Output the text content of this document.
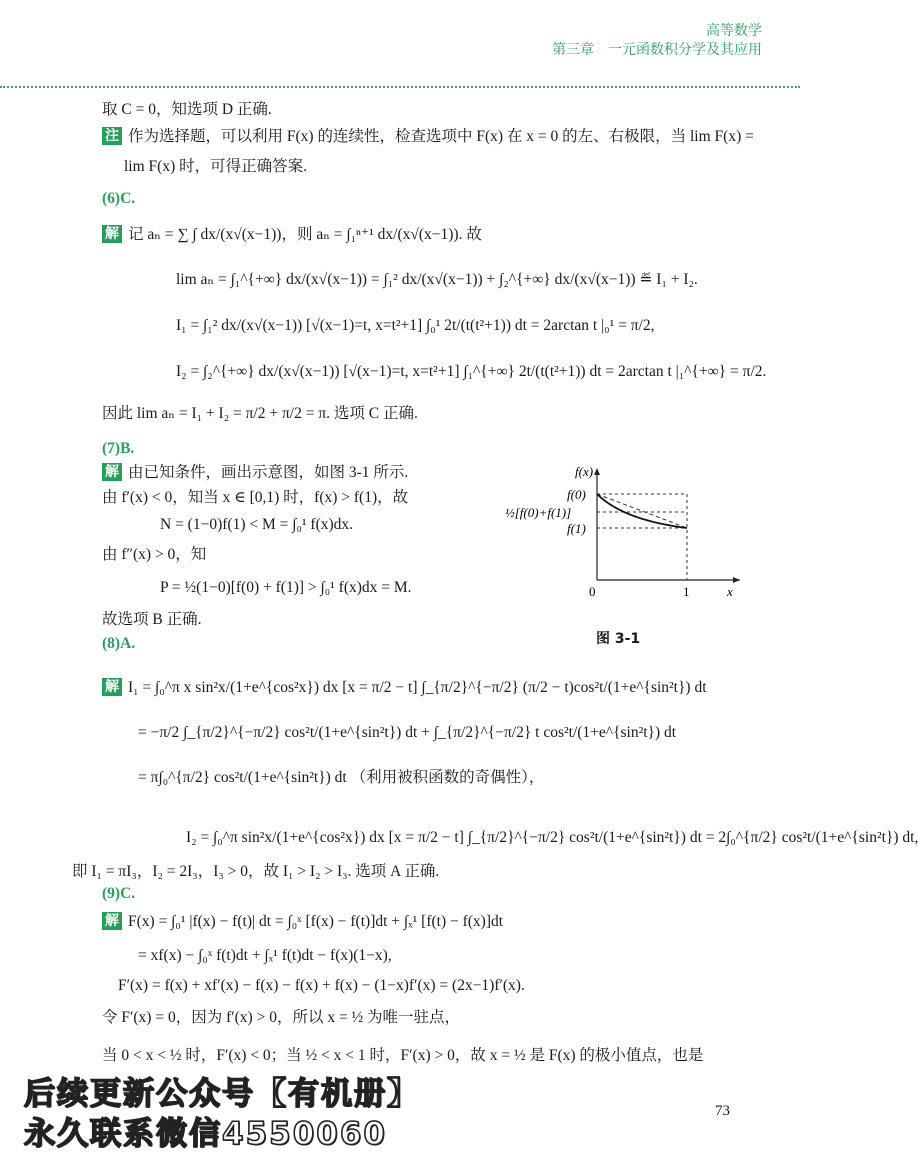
高等数学
第三章　一元函数积分学及其应用
取 C = 0，知选项 D 正确.
注 作为选择题，可以利用 F(x) 的连续性，检查选项中 F(x) 在 x = 0 的左、右极限，当 lim F(x) =
lim F(x) 时，可得正确答案.
(6)C.
解 记 aₙ = ∑ ∫ dx/(x√(x−1))，则 aₙ = ∫₁ⁿ⁺¹ dx/(x√(x−1)). 故
lim aₙ = ∫₁^{+∞} dx/(x√(x−1)) = ∫₁² dx/(x√(x−1)) + ∫₂^{+∞} dx/(x√(x−1)) ≝ I₁ + I₂.
I₁ = ∫₁² dx/(x√(x−1)) [√(x−1)=t, x=t²+1] ∫₀¹ 2t/(t(t²+1)) dt = 2arctan t |₀¹ = π/2,
I₂ = ∫₂^{+∞} dx/(x√(x−1)) [√(x−1)=t, x=t²+1] ∫₁^{+∞} 2t/(t(t²+1)) dt = 2arctan t |₁^{+∞} = π/2.
因此 lim aₙ = I₁ + I₂ = π/2 + π/2 = π. 选项 C 正确.
(7)B.
解 由已知条件，画出示意图，如图 3-1 所示.
由 f′(x) < 0，知当 x ∈ [0,1) 时，f(x) > f(1)，故
N = (1−0)f(1) < M = ∫₀¹ f(x)dx.
由 f″(x) > 0，知
P = ½(1−0)[f(0) + f(1)] > ∫₀¹ f(x)dx = M.
故选项 B 正确.
f(x)
f(0)
½[f(0)+f(1)]
f(1)
0	1	x
图 3-1
(8)A.
解 I₁ = ∫₀^π x sin²x/(1+e^{cos²x}) dx [x = π/2 − t] ∫_{π/2}^{−π/2} (π/2 − t)cos²t/(1+e^{sin²t}) dt
= −π/2 ∫_{π/2}^{−π/2} cos²t/(1+e^{sin²t}) dt + ∫_{π/2}^{−π/2} t cos²t/(1+e^{sin²t}) dt
= π∫₀^{π/2} cos²t/(1+e^{sin²t}) dt （利用被积函数的奇偶性），
I₂ = ∫₀^π sin²x/(1+e^{cos²x}) dx [x = π/2 − t] ∫_{π/2}^{−π/2} cos²t/(1+e^{sin²t}) dt = 2∫₀^{π/2} cos²t/(1+e^{sin²t}) dt,
即 I₁ = πI₃，I₂ = 2I₃，I₃ > 0，故 I₁ > I₂ > I₃. 选项 A 正确.
(9)C.
解 F(x) = ∫₀¹ |f(x) − f(t)| dt = ∫₀ˣ [f(x) − f(t)]dt + ∫ₓ¹ [f(t) − f(x)]dt
= xf(x) − ∫₀ˣ f(t)dt + ∫ₓ¹ f(t)dt − f(x)(1−x),
F′(x) = f(x) + xf′(x) − f(x) − f(x) + f(x) − (1−x)f′(x) = (2x−1)f′(x).
令 F′(x) = 0，因为 f′(x) > 0，所以 x = ½ 为唯一驻点，
当 0 < x < ½ 时，F′(x) < 0；当 ½ < x < 1 时，F′(x) > 0，故 x = ½ 是 F(x) 的极小值点，也是
后续更新公众号【有机册】
永久联系微信4550060
73
